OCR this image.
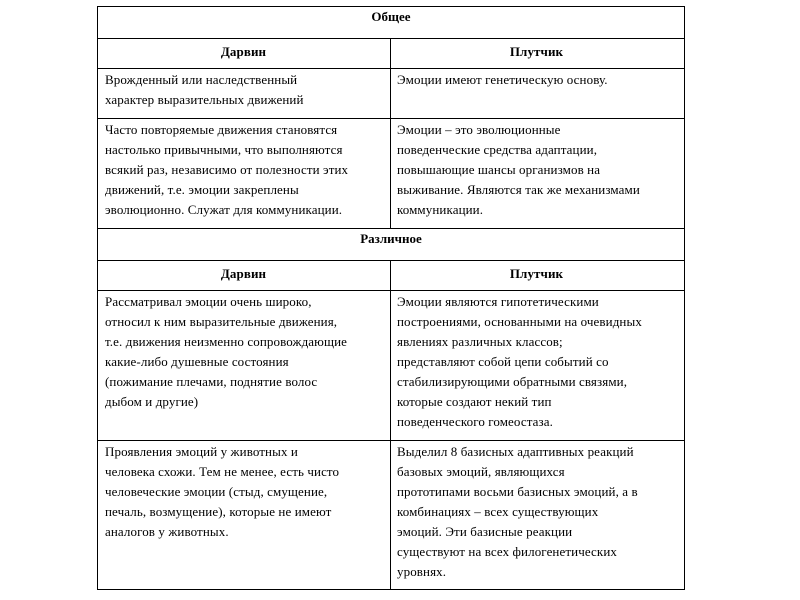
Общее
Дарвин	Плутчик
Врожденный или наследственный
характер выразительных движений
Эмоции имеют генетическую основу.
Часто повторяемые движения становятся
настолько привычными, что выполняются
всякий раз, независимо от полезности этих
движений, т.е. эмоции закреплены
эволюционно. Служат для коммуникации.
Эмоции – это эволюционные
поведенческие средства адаптации,
повышающие шансы организмов на
выживание. Являются так же механизмами
коммуникации.
Различное
Дарвин	Плутчик
Рассматривал эмоции очень широко,
относил к ним выразительные движения,
т.е. движения неизменно сопровождающие
какие-либо душевные состояния
(пожимание плечами, поднятие волос
дыбом и другие)
Эмоции являются гипотетическими
построениями, основанными на очевидных
явлениях различных классов;
представляют собой цепи событий со
стабилизирующими обратными связями,
которые создают некий тип
поведенческого гомеостаза.
Проявления эмоций у животных и
человека схожи. Тем не менее, есть чисто
человеческие эмоции (стыд, смущение,
печаль, возмущение), которые не имеют
аналогов у животных.
Выделил 8 базисных адаптивных реакций
базовых эмоций, являющихся
прототипами восьми базисных эмоций, а в
комбинациях – всех существующих
эмоций. Эти базисные реакции
существуют на всех филогенетических
уровнях.
